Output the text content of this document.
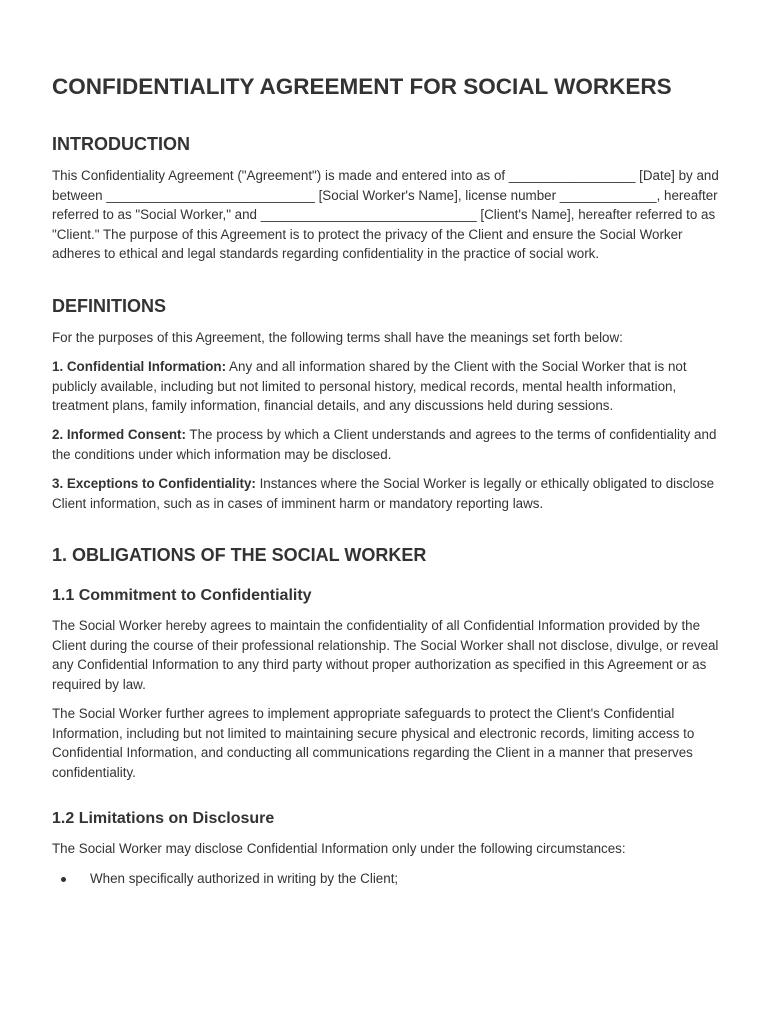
CONFIDENTIALITY AGREEMENT FOR SOCIAL WORKERS
INTRODUCTION

This Confidentiality Agreement ("Agreement") is made and entered into as of _________________ [Date] by and between ____________________________ [Social Worker's Name], license number _____________, hereafter referred to as "Social Worker," and _____________________________ [Client's Name], hereafter referred to as "Client." The purpose of this Agreement is to protect the privacy of the Client and ensure the Social Worker adheres to ethical and legal standards regarding confidentiality in the practice of social work.

DEFINITIONS

For the purposes of this Agreement, the following terms shall have the meanings set forth below:

1. Confidential Information: Any and all information shared by the Client with the Social Worker that is not publicly available, including but not limited to personal history, medical records, mental health information, treatment plans, family information, financial details, and any discussions held during sessions.

2. Informed Consent: The process by which a Client understands and agrees to the terms of confidentiality and the conditions under which information may be disclosed.

3. Exceptions to Confidentiality: Instances where the Social Worker is legally or ethically obligated to disclose Client information, such as in cases of imminent harm or mandatory reporting laws.

1. OBLIGATIONS OF THE SOCIAL WORKER
1.1 Commitment to Confidentiality

The Social Worker hereby agrees to maintain the confidentiality of all Confidential Information provided by the Client during the course of their professional relationship. The Social Worker shall not disclose, divulge, or reveal any Confidential Information to any third party without proper authorization as specified in this Agreement or as required by law.

The Social Worker further agrees to implement appropriate safeguards to protect the Client's Confidential Information, including but not limited to maintaining secure physical and electronic records, limiting access to Confidential Information, and conducting all communications regarding the Client in a manner that preserves confidentiality.

1.2 Limitations on Disclosure

The Social Worker may disclose Confidential Information only under the following circumstances:

When specifically authorized in writing by the Client;
